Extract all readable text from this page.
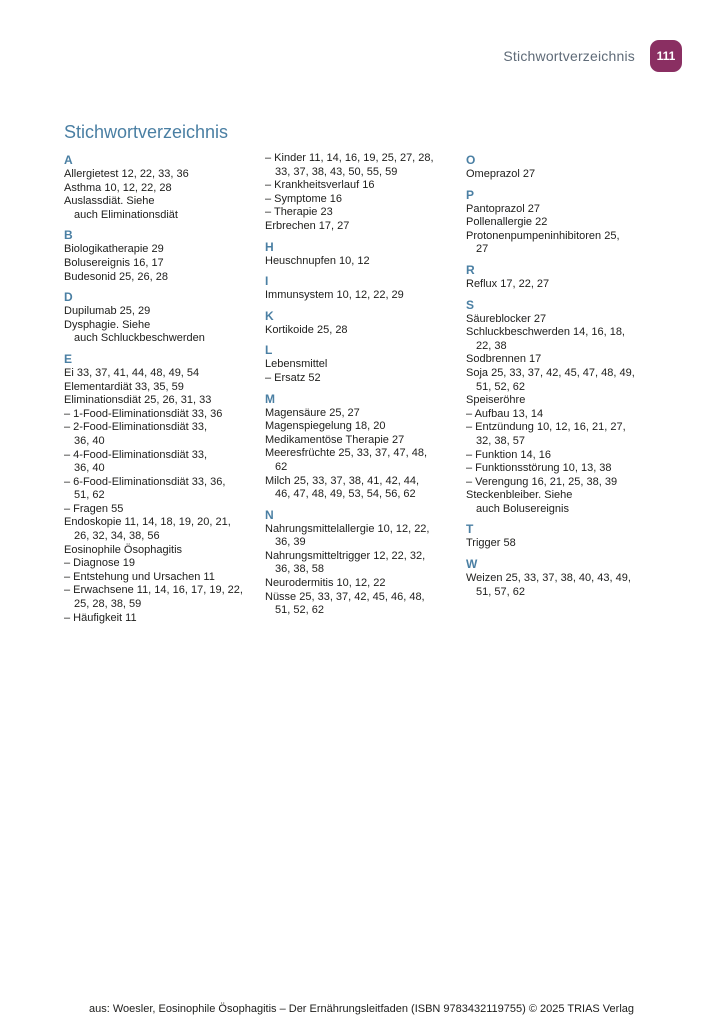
Stichwortverzeichnis	111
Stichwortverzeichnis
A
Allergietest 12, 22, 33, 36
Asthma 10, 12, 22, 28
Auslassdiät. Siehe
auch Eliminationsdiät
B
Biologikatherapie 29
Bolusereignis 16, 17
Budesonid 25, 26, 28
D
Dupilumab 25, 29
Dysphagie. Siehe
auch Schluckbeschwerden
E
Ei 33, 37, 41, 44, 48, 49, 54
Elementardiät 33, 35, 59
Eliminationsdiät 25, 26, 31, 33
– 1-Food-Eliminationsdiät 33, 36
– 2-Food-Eliminationsdiät 33,
36, 40
– 4-Food-Eliminationsdiät 33,
36, 40
– 6-Food-Eliminationsdiät 33, 36,
51, 62
– Fragen 55
Endoskopie 11, 14, 18, 19, 20, 21,
26, 32, 34, 38, 56
Eosinophile Ösophagitis
– Diagnose 19
– Entstehung und Ursachen 11
– Erwachsene 11, 14, 16, 17, 19, 22,
25, 28, 38, 59
– Häufigkeit 11
– Kinder 11, 14, 16, 19, 25, 27, 28,
33, 37, 38, 43, 50, 55, 59
– Krankheitsverlauf 16
– Symptome 16
– Therapie 23
Erbrechen 17, 27
H
Heuschnupfen 10, 12
I
Immunsystem 10, 12, 22, 29
K
Kortikoide 25, 28
L
Lebensmittel
– Ersatz 52
M
Magensäure 25, 27
Magenspiegelung 18, 20
Medikamentöse Therapie 27
Meeresfrüchte 25, 33, 37, 47, 48,
62
Milch 25, 33, 37, 38, 41, 42, 44,
46, 47, 48, 49, 53, 54, 56, 62
N
Nahrungsmittelallergie 10, 12, 22,
36, 39
Nahrungsmitteltrigger 12, 22, 32,
36, 38, 58
Neurodermitis 10, 12, 22
Nüsse 25, 33, 37, 42, 45, 46, 48,
51, 52, 62
O
Omeprazol 27
P
Pantoprazol 27
Pollenallergie 22
Protonenpumpeninhibitoren 25,
27
R
Reflux 17, 22, 27
S
Säureblocker 27
Schluckbeschwerden 14, 16, 18,
22, 38
Sodbrennen 17
Soja 25, 33, 37, 42, 45, 47, 48, 49,
51, 52, 62
Speiseröhre
– Aufbau 13, 14
– Entzündung 10, 12, 16, 21, 27,
32, 38, 57
– Funktion 14, 16
– Funktionsstörung 10, 13, 38
– Verengung 16, 21, 25, 38, 39
Steckenbleiber. Siehe
auch Bolusereignis
T
Trigger 58
W
Weizen 25, 33, 37, 38, 40, 43, 49,
51, 57, 62
aus: Woesler, Eosinophile Ösophagitis – Der Ernährungsleitfaden (ISBN 9783432119755) © 2025 TRIAS Verlag
